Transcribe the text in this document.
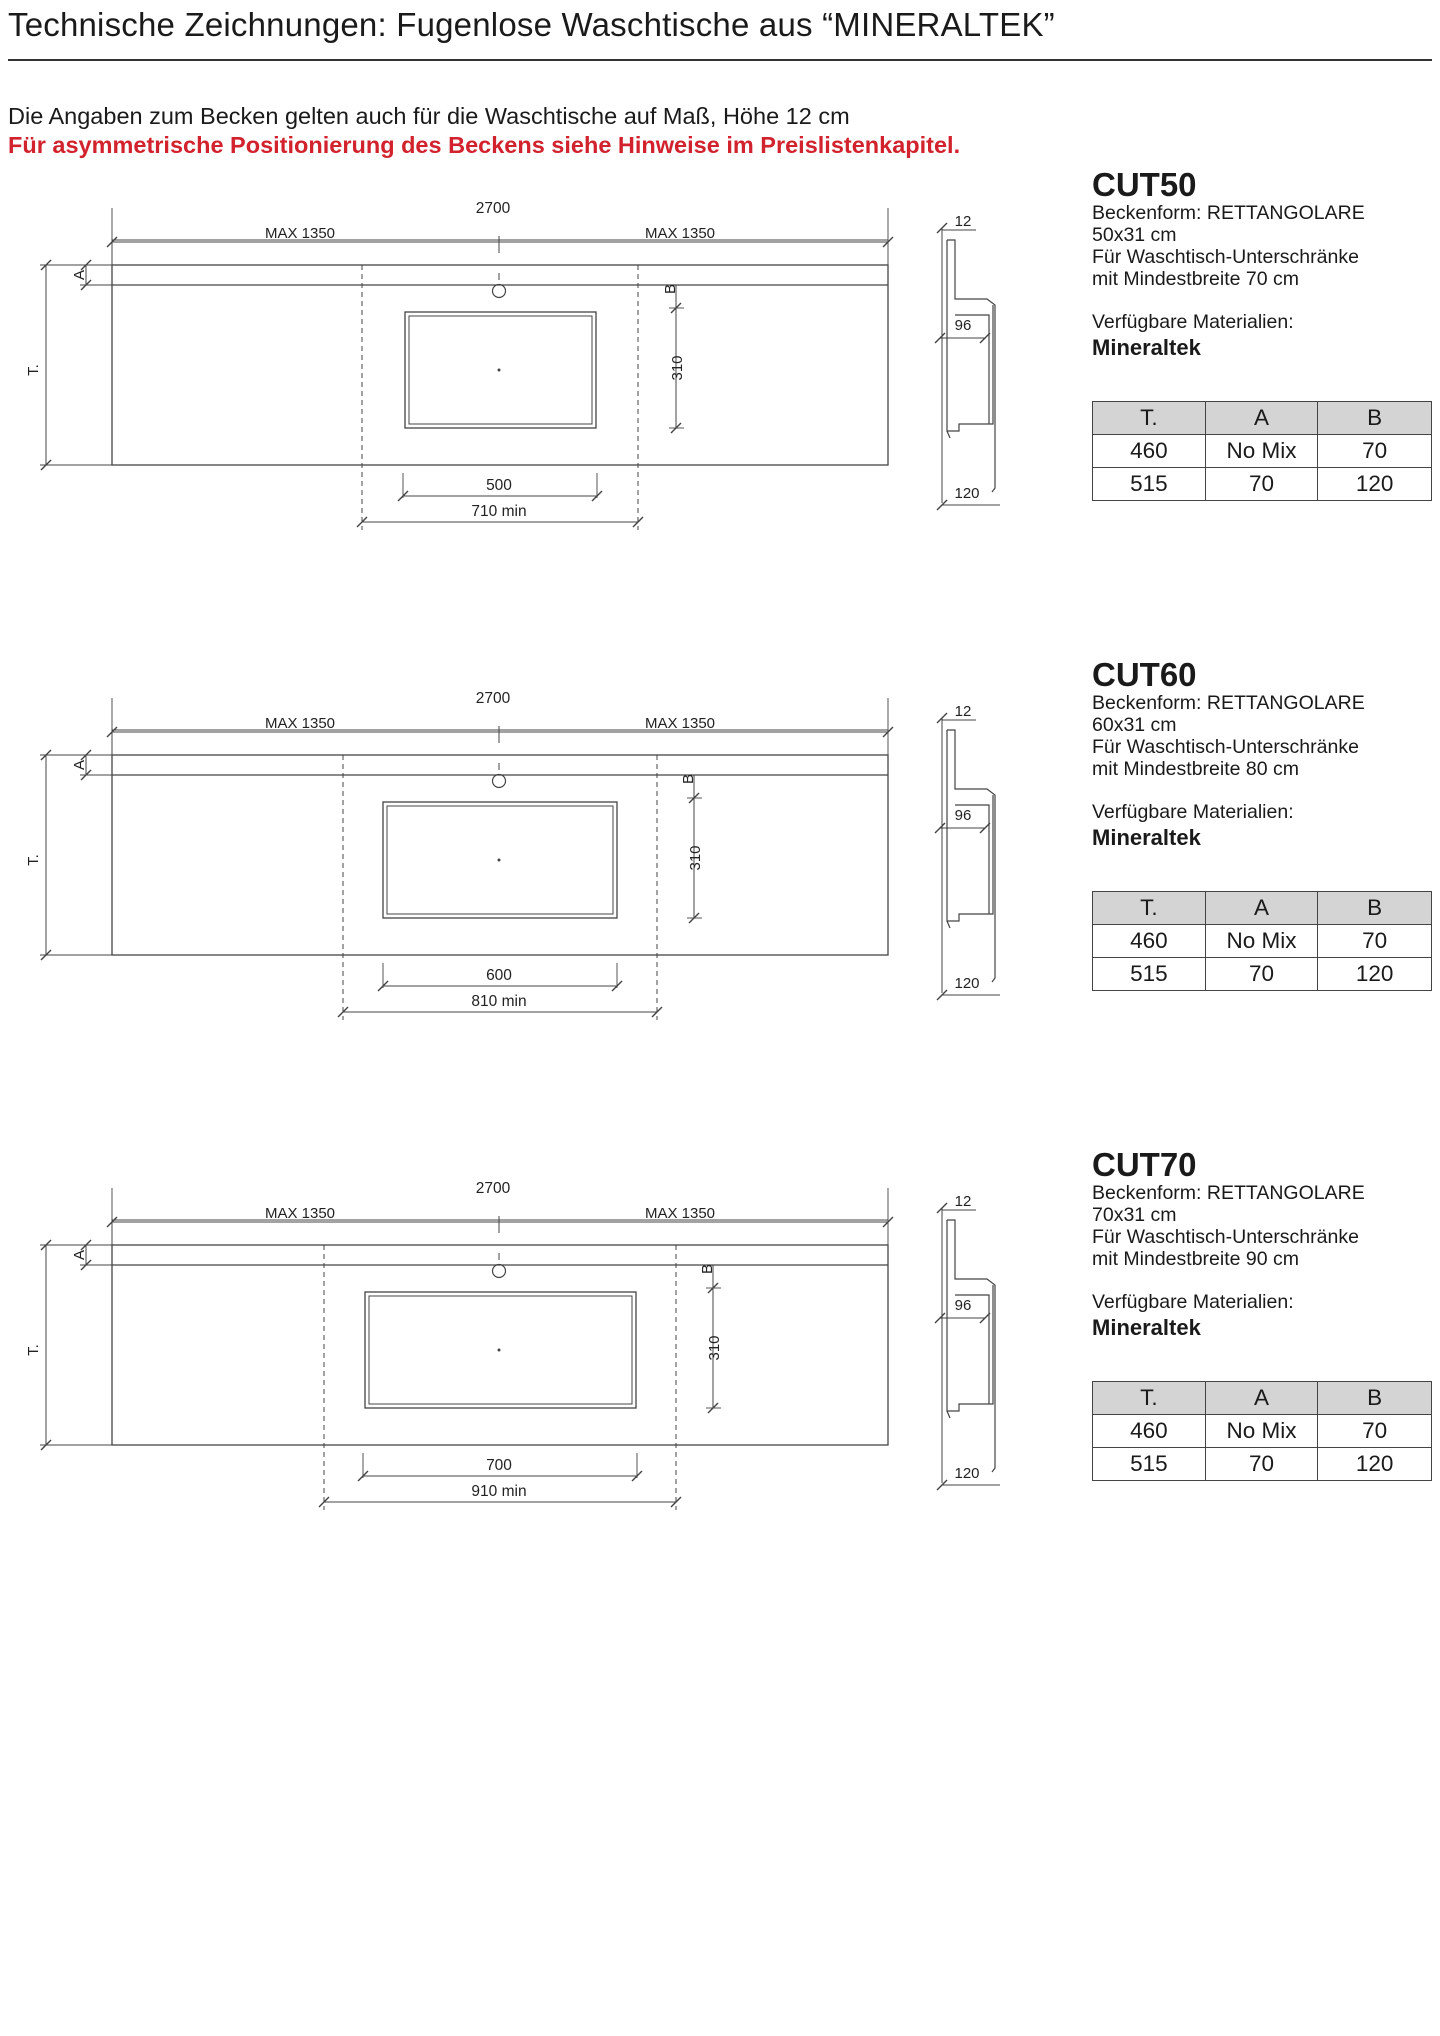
Technische Zeichnungen: Fugenlose Waschtische aus “MINERALTEK”
Die Angaben zum Becken gelten auch für die Waschtische auf Maß, Höhe 12 cm
Für asymmetrische Positionierung des Beckens siehe Hinweise im Preislistenkapitel.
T.
A
2700
MAX 1350	MAX 1350
B
310
500
710 min
12
96
120
CUT50
Beckenform: RETTANGOLARE
50x31 cm
Für Waschtisch-Unterschränke
mit Mindestbreite 70 cm
Verfügbare Materialien:
Mineraltek
T.	A	B
460	No Mix	70
515	70	120
T.
A
2700
MAX 1350	MAX 1350
B
310
600
810 min
12
96
120
CUT60
Beckenform: RETTANGOLARE
60x31 cm
Für Waschtisch-Unterschränke
mit Mindestbreite 80 cm
Verfügbare Materialien:
Mineraltek
T.	A	B
460	No Mix	70
515	70	120
T.
A
2700
MAX 1350	MAX 1350
B
310
700
910 min
12
96
120
CUT70
Beckenform: RETTANGOLARE
70x31 cm
Für Waschtisch-Unterschränke
mit Mindestbreite 90 cm
Verfügbare Materialien:
Mineraltek
T.	A	B
460	No Mix	70
515	70	120
